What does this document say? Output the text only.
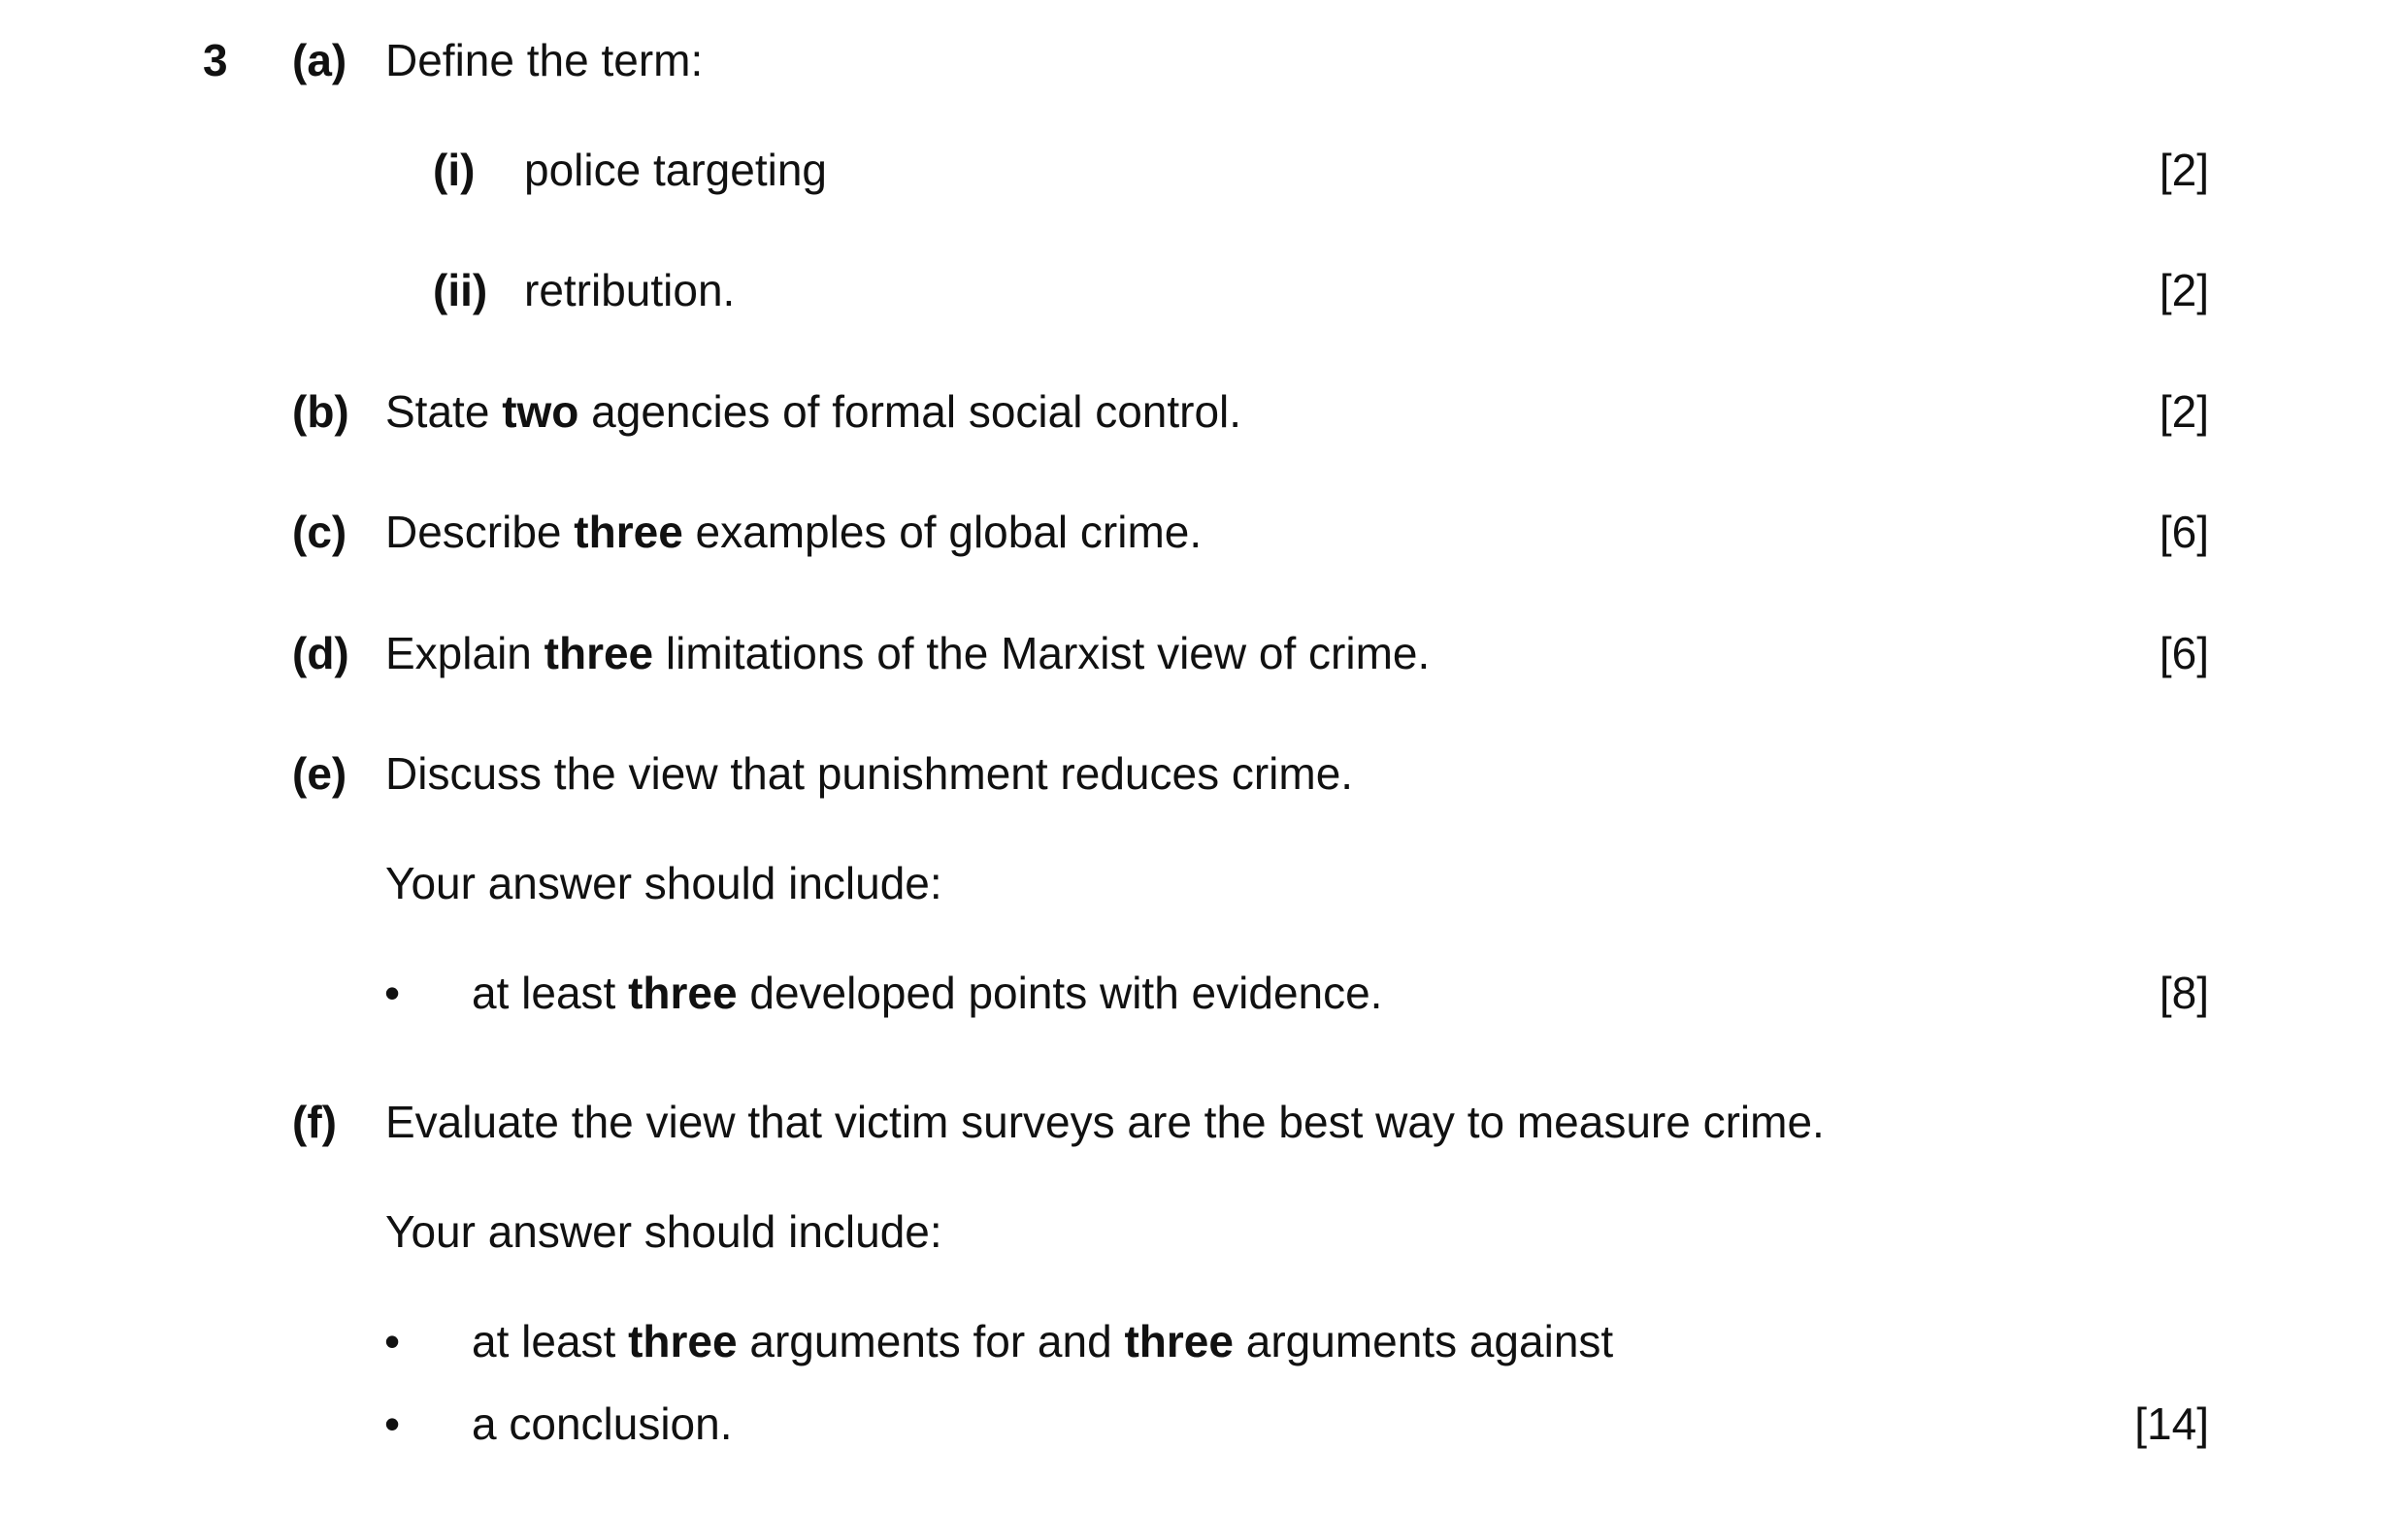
3 (a) Define the term:
(i) police targeting	[2]
(ii) retribution.	[2]
(b) State two agencies of formal social control.	[2]
(c) Describe three examples of global crime.	[6]
(d) Explain three limitations of the Marxist view of crime.	[6]
(e) Discuss the view that punishment reduces crime.
Your answer should include:
• at least three developed points with evidence.	[8]
(f) Evaluate the view that victim surveys are the best way to measure crime.
Your answer should include:
• at least three arguments for and three arguments against
• a conclusion.	[14]
